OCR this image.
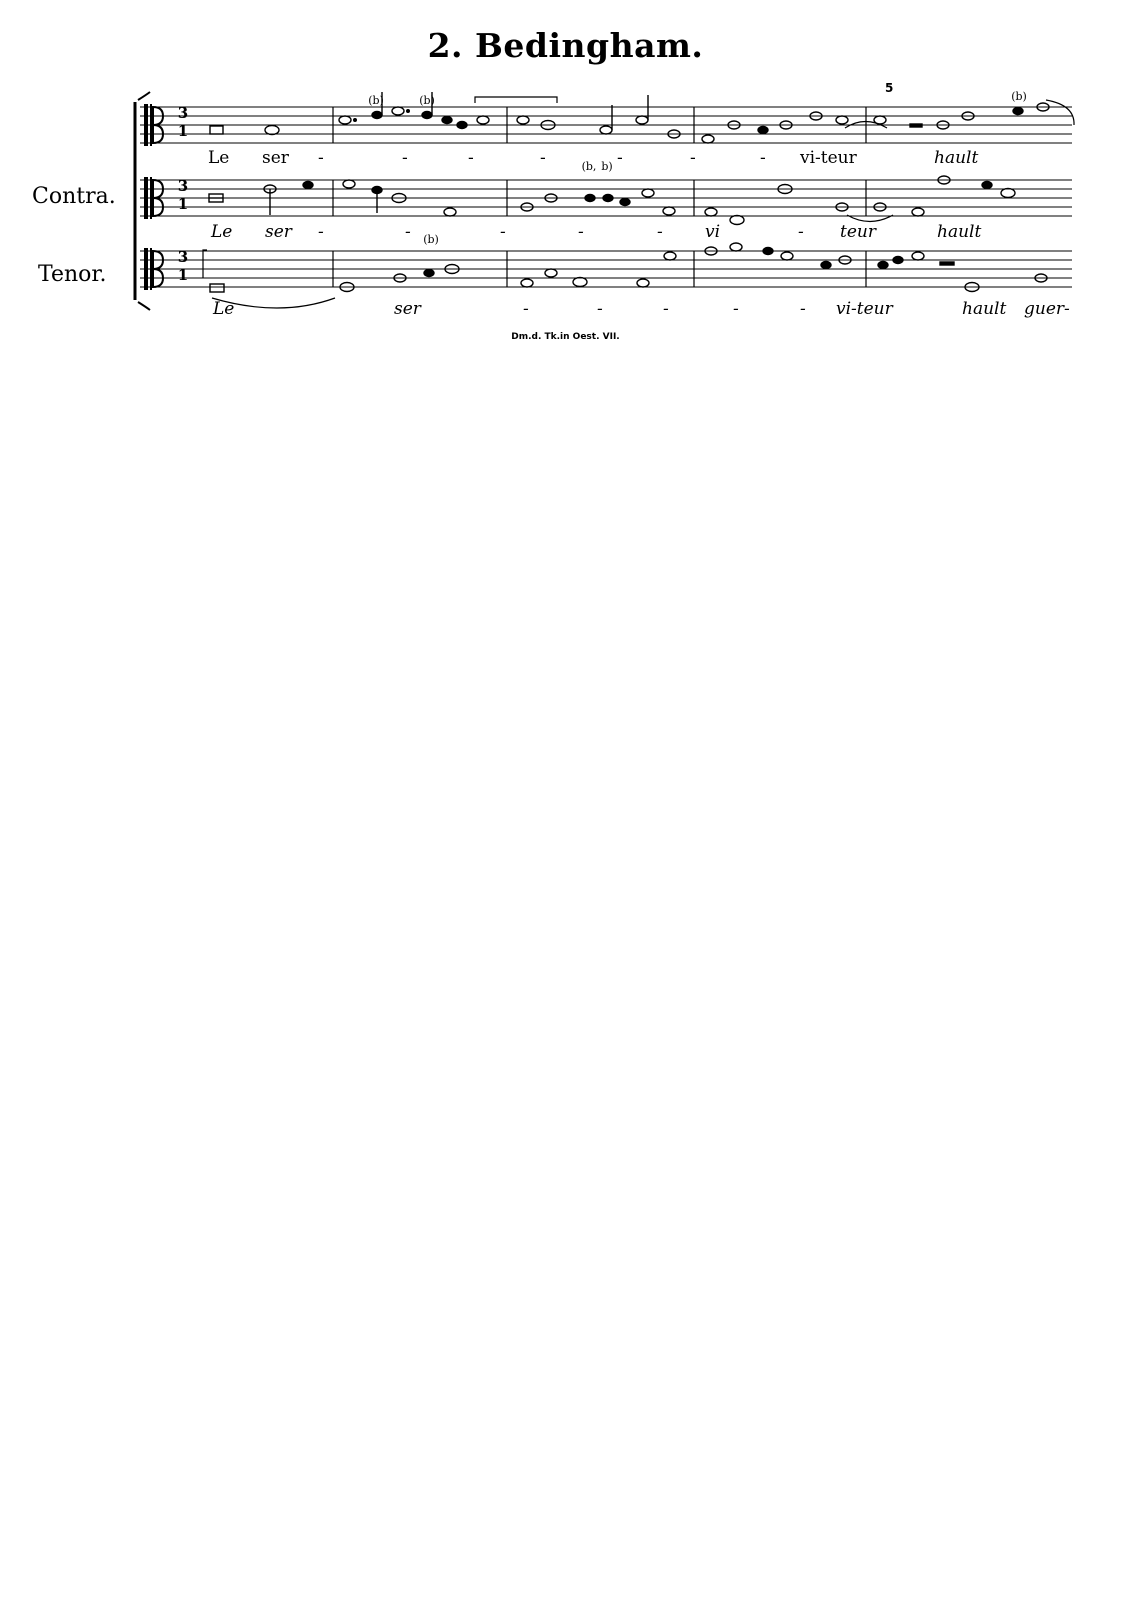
2. Bedingham.
Contra.
Tenor.
5
3
1
3
1
3
1
(b)	(b)
(b, b)
(b)
(b)
Le ser -	-	-	-	-	-	- vi-teur	hault
Le ser -	-	-	-	- vi	- teur	hault
Le	ser	-	-	-	-	- vi-teur	hault guer-
Dm.d. Tk.in Oest. VII.
